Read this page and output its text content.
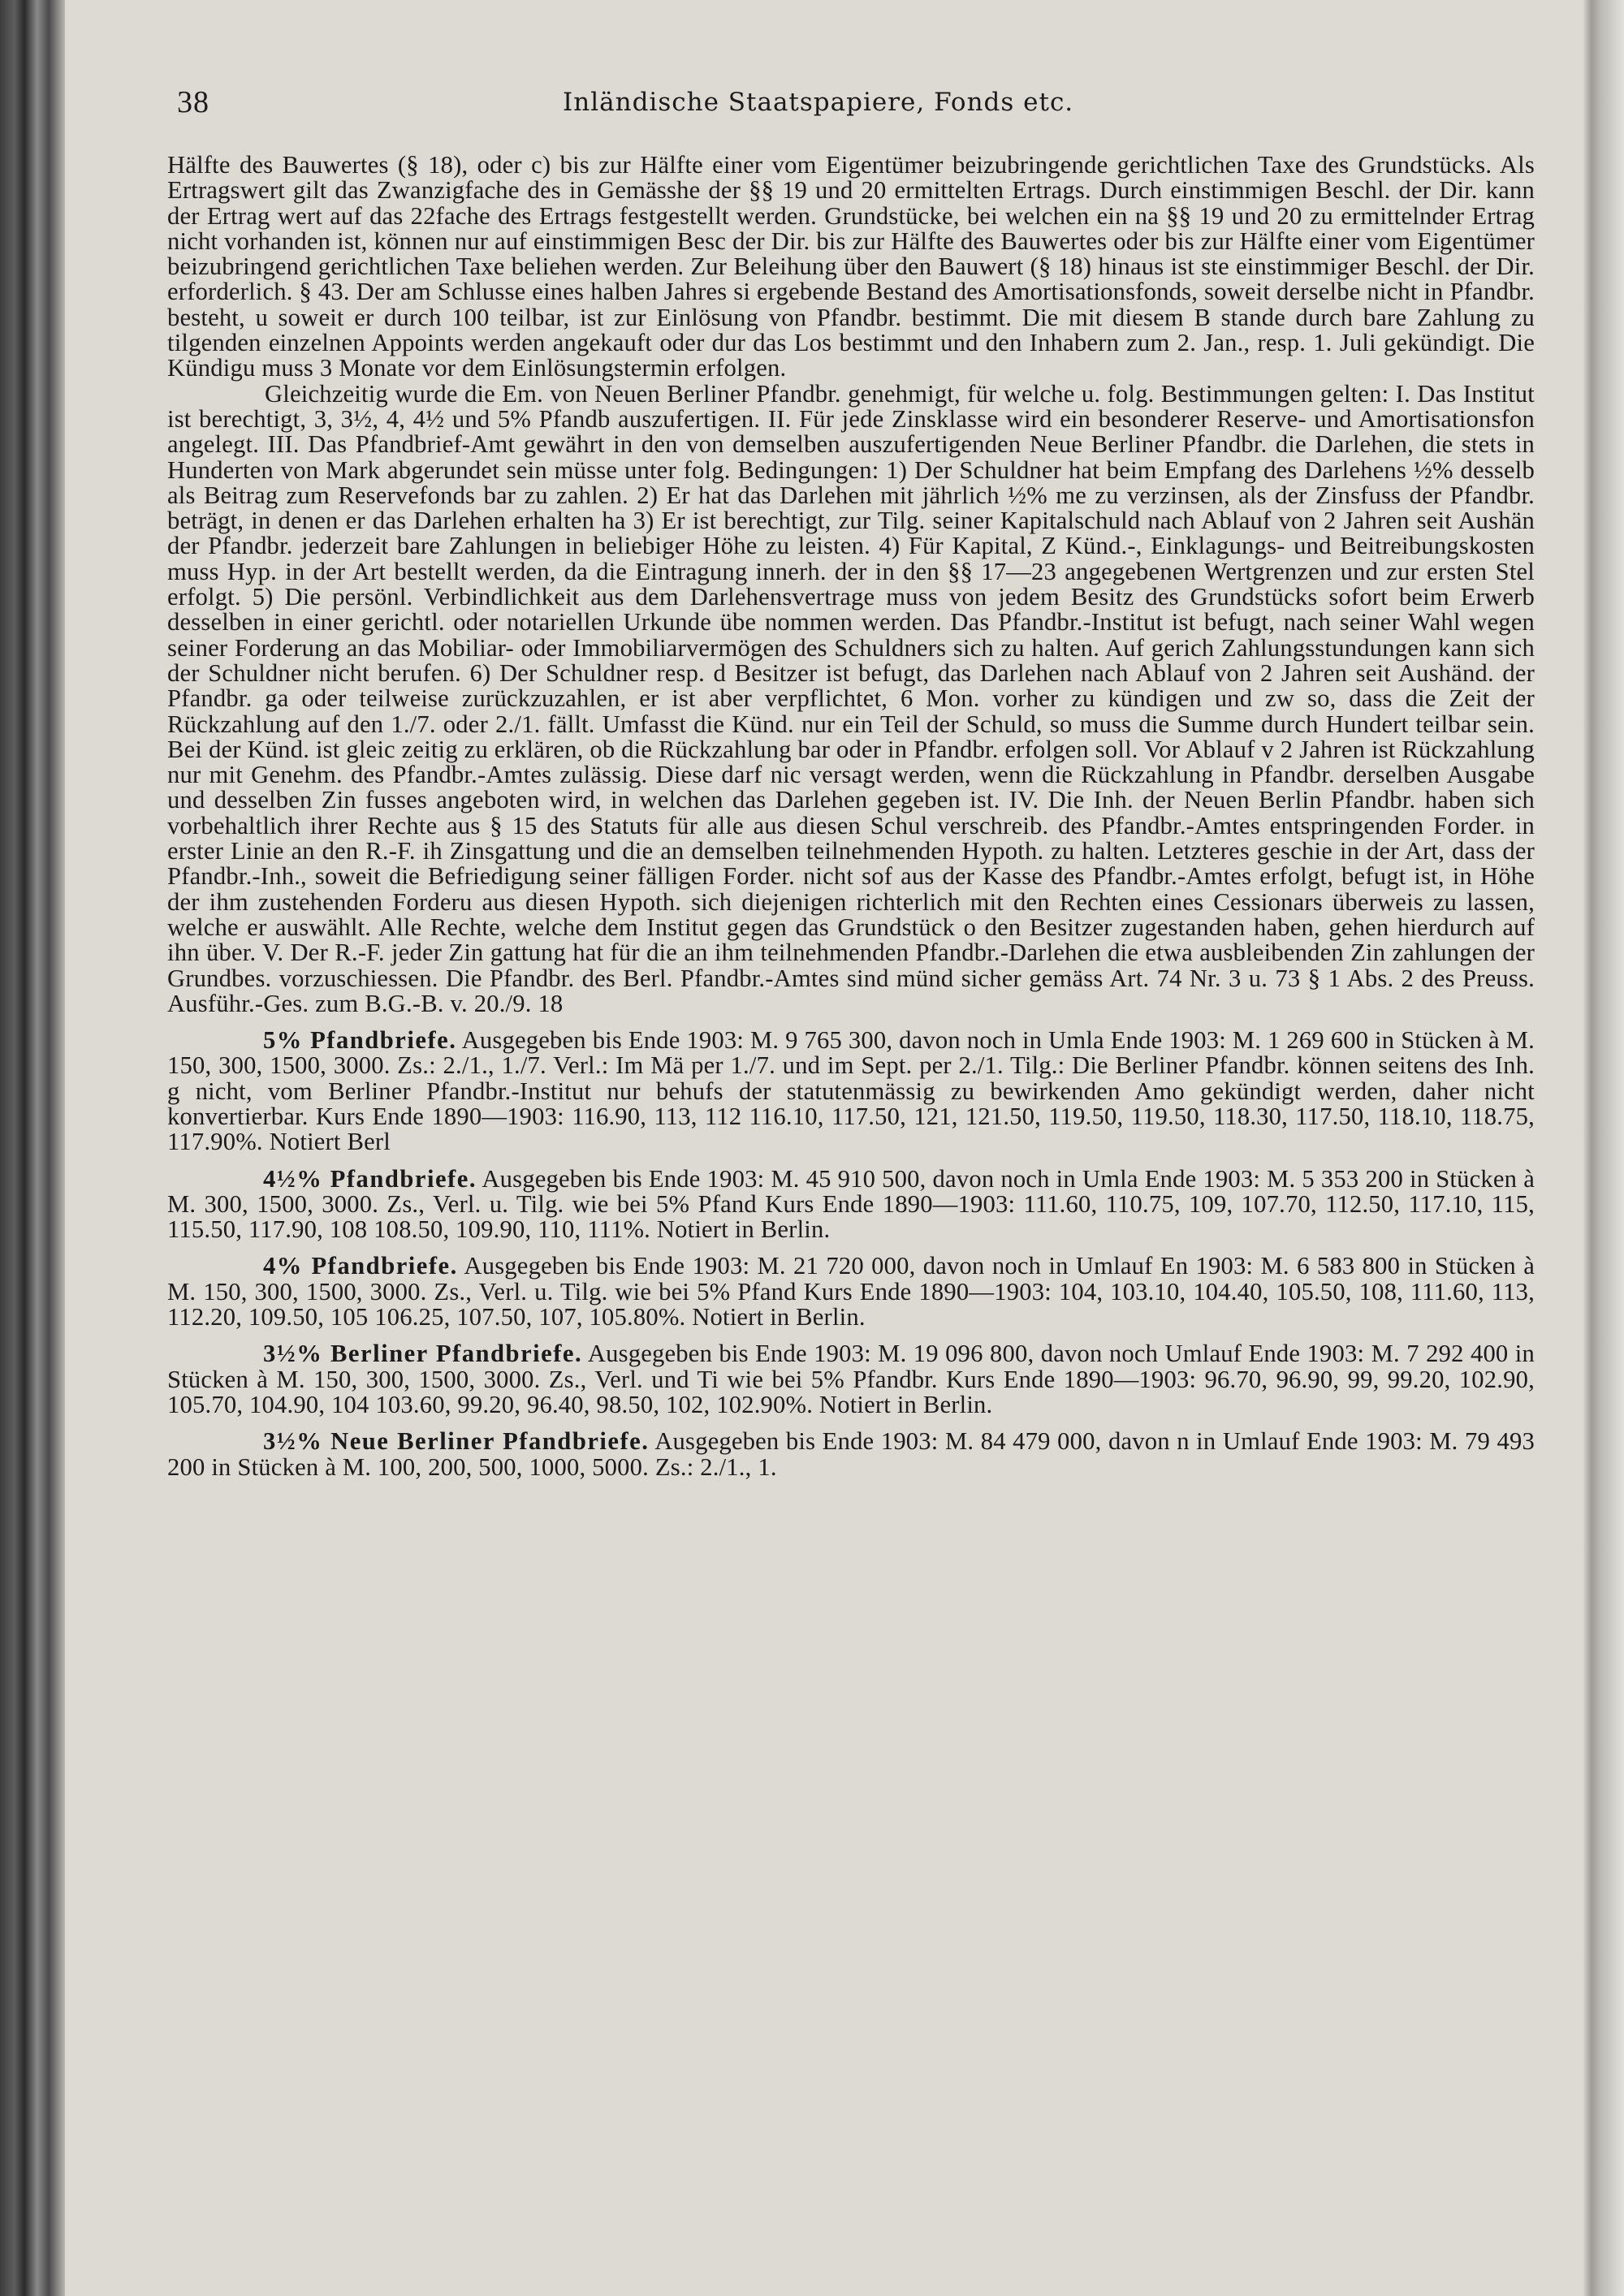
38	Inländische Staatspapiere, Fonds etc.

Hälfte des Bauwertes (§ 18), oder c) bis zur Hälfte einer vom Eigentümer beizubringende gerichtlichen Taxe des Grundstücks. Als Ertragswert gilt das Zwanzigfache des in Gemässhe der §§ 19 und 20 ermittelten Ertrags. Durch einstimmigen Beschl. der Dir. kann der Ertrag wert auf das 22fache des Ertrags festgestellt werden. Grundstücke, bei welchen ein na §§ 19 und 20 zu ermittelnder Ertrag nicht vorhanden ist, können nur auf einstimmigen Besc der Dir. bis zur Hälfte des Bauwertes oder bis zur Hälfte einer vom Eigentümer beizubringend gerichtlichen Taxe beliehen werden. Zur Beleihung über den Bauwert (§ 18) hinaus ist ste einstimmiger Beschl. der Dir. erforderlich. § 43. Der am Schlusse eines halben Jahres si ergebende Bestand des Amortisationsfonds, soweit derselbe nicht in Pfandbr. besteht, u soweit er durch 100 teilbar, ist zur Einlösung von Pfandbr. bestimmt. Die mit diesem B stande durch bare Zahlung zu tilgenden einzelnen Appoints werden angekauft oder dur das Los bestimmt und den Inhabern zum 2. Jan., resp. 1. Juli gekündigt. Die Kündigu muss 3 Monate vor dem Einlösungstermin erfolgen.

Gleichzeitig wurde die Em. von Neuen Berliner Pfandbr. genehmigt, für welche u. folg. Bestimmungen gelten: I. Das Institut ist berechtigt, 3, 3½, 4, 4½ und 5% Pfandb auszufertigen. II. Für jede Zinsklasse wird ein besonderer Reserve- und Amortisationsfon angelegt. III. Das Pfandbrief-Amt gewährt in den von demselben auszufertigenden Neue Berliner Pfandbr. die Darlehen, die stets in Hunderten von Mark abgerundet sein müsse unter folg. Bedingungen: 1) Der Schuldner hat beim Empfang des Darlehens ½% desselb als Beitrag zum Reservefonds bar zu zahlen. 2) Er hat das Darlehen mit jährlich ½% me zu verzinsen, als der Zinsfuss der Pfandbr. beträgt, in denen er das Darlehen erhalten ha 3) Er ist berechtigt, zur Tilg. seiner Kapitalschuld nach Ablauf von 2 Jahren seit Aushän der Pfandbr. jederzeit bare Zahlungen in beliebiger Höhe zu leisten. 4) Für Kapital, Z Künd.-, Einklagungs- und Beitreibungskosten muss Hyp. in der Art bestellt werden, da die Eintragung innerh. der in den §§ 17—23 angegebenen Wertgrenzen und zur ersten Stel erfolgt. 5) Die persönl. Verbindlichkeit aus dem Darlehensvertrage muss von jedem Besitz des Grundstücks sofort beim Erwerb desselben in einer gerichtl. oder notariellen Urkunde übe nommen werden. Das Pfandbr.-Institut ist befugt, nach seiner Wahl wegen seiner Forderung an das Mobiliar- oder Immobiliarvermögen des Schuldners sich zu halten. Auf gerich Zahlungsstundungen kann sich der Schuldner nicht berufen. 6) Der Schuldner resp. d Besitzer ist befugt, das Darlehen nach Ablauf von 2 Jahren seit Aushänd. der Pfandbr. ga oder teilweise zurückzuzahlen, er ist aber verpflichtet, 6 Mon. vorher zu kündigen und zw so, dass die Zeit der Rückzahlung auf den 1./7. oder 2./1. fällt. Umfasst die Künd. nur ein Teil der Schuld, so muss die Summe durch Hundert teilbar sein. Bei der Künd. ist gleic zeitig zu erklären, ob die Rückzahlung bar oder in Pfandbr. erfolgen soll. Vor Ablauf v 2 Jahren ist Rückzahlung nur mit Genehm. des Pfandbr.-Amtes zulässig. Diese darf nic versagt werden, wenn die Rückzahlung in Pfandbr. derselben Ausgabe und desselben Zin fusses angeboten wird, in welchen das Darlehen gegeben ist. IV. Die Inh. der Neuen Berlin Pfandbr. haben sich vorbehaltlich ihrer Rechte aus § 15 des Statuts für alle aus diesen Schul verschreib. des Pfandbr.-Amtes entspringenden Forder. in erster Linie an den R.-F. ih Zinsgattung und die an demselben teilnehmenden Hypoth. zu halten. Letzteres geschie in der Art, dass der Pfandbr.-Inh., soweit die Befriedigung seiner fälligen Forder. nicht sof aus der Kasse des Pfandbr.-Amtes erfolgt, befugt ist, in Höhe der ihm zustehenden Forderu aus diesen Hypoth. sich diejenigen richterlich mit den Rechten eines Cessionars überweis zu lassen, welche er auswählt. Alle Rechte, welche dem Institut gegen das Grundstück o den Besitzer zugestanden haben, gehen hierdurch auf ihn über. V. Der R.-F. jeder Zin gattung hat für die an ihm teilnehmenden Pfandbr.-Darlehen die etwa ausbleibenden Zin zahlungen der Grundbes. vorzuschiessen. Die Pfandbr. des Berl. Pfandbr.-Amtes sind münd sicher gemäss Art. 74 Nr. 3 u. 73 § 1 Abs. 2 des Preuss. Ausführ.-Ges. zum B.G.-B. v. 20./9. 18

5% Pfandbriefe. Ausgegeben bis Ende 1903: M. 9 765 300, davon noch in Umla Ende 1903: M. 1 269 600 in Stücken à M. 150, 300, 1500, 3000. Zs.: 2./1., 1./7. Verl.: Im Mä per 1./7. und im Sept. per 2./1. Tilg.: Die Berliner Pfandbr. können seitens des Inh. g nicht, vom Berliner Pfandbr.-Institut nur behufs der statutenmässig zu bewirkenden Amo gekündigt werden, daher nicht konvertierbar. Kurs Ende 1890—1903: 116.90, 113, 112 116.10, 117.50, 121, 121.50, 119.50, 119.50, 118.30, 117.50, 118.10, 118.75, 117.90%. Notiert Berl

4½% Pfandbriefe. Ausgegeben bis Ende 1903: M. 45 910 500, davon noch in Umla Ende 1903: M. 5 353 200 in Stücken à M. 300, 1500, 3000. Zs., Verl. u. Tilg. wie bei 5% Pfand Kurs Ende 1890—1903: 111.60, 110.75, 109, 107.70, 112.50, 117.10, 115, 115.50, 117.90, 108 108.50, 109.90, 110, 111%. Notiert in Berlin.

4% Pfandbriefe. Ausgegeben bis Ende 1903: M. 21 720 000, davon noch in Umlauf En 1903: M. 6 583 800 in Stücken à M. 150, 300, 1500, 3000. Zs., Verl. u. Tilg. wie bei 5% Pfand Kurs Ende 1890—1903: 104, 103.10, 104.40, 105.50, 108, 111.60, 113, 112.20, 109.50, 105 106.25, 107.50, 107, 105.80%. Notiert in Berlin.

3½% Berliner Pfandbriefe. Ausgegeben bis Ende 1903: M. 19 096 800, davon noch Umlauf Ende 1903: M. 7 292 400 in Stücken à M. 150, 300, 1500, 3000. Zs., Verl. und Ti wie bei 5% Pfandbr. Kurs Ende 1890—1903: 96.70, 96.90, 99, 99.20, 102.90, 105.70, 104.90, 104 103.60, 99.20, 96.40, 98.50, 102, 102.90%. Notiert in Berlin.

3½% Neue Berliner Pfandbriefe. Ausgegeben bis Ende 1903: M. 84 479 000, davon n in Umlauf Ende 1903: M. 79 493 200 in Stücken à M. 100, 200, 500, 1000, 5000. Zs.: 2./1., 1.
